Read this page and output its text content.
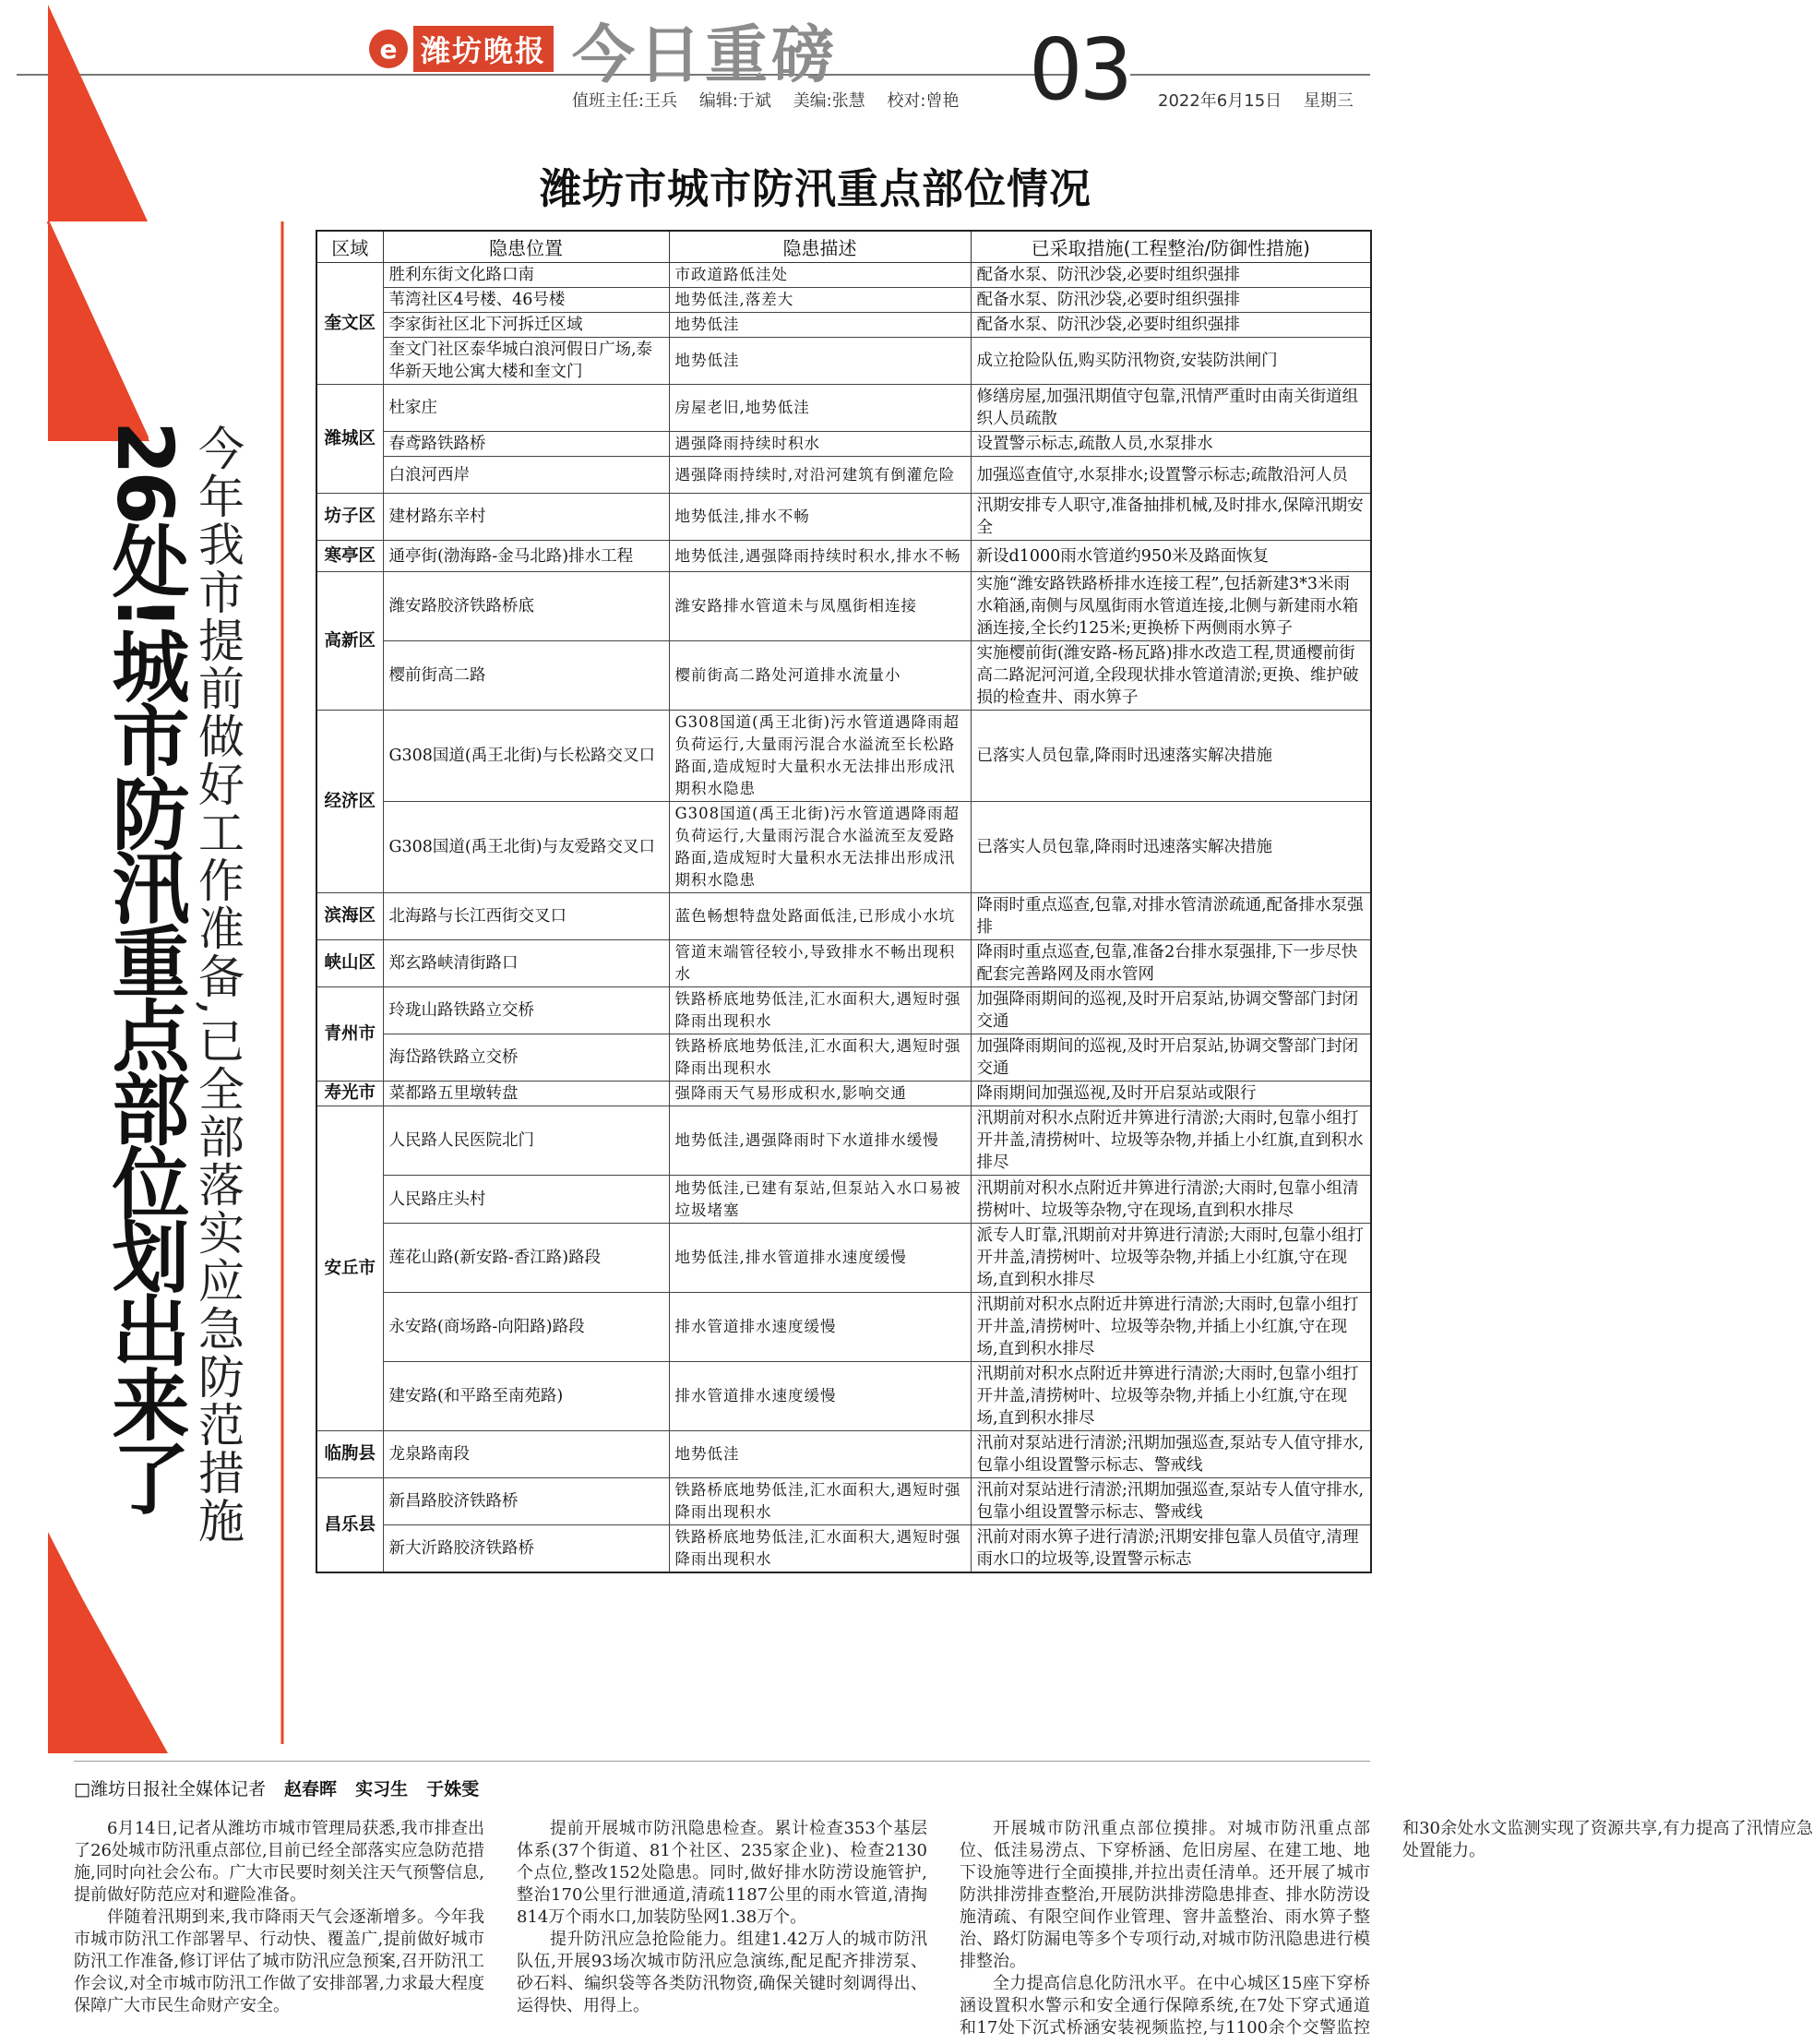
e 潍坊晚报 今日重磅 03
值班主任:王兵 编辑:于斌 美编:张慧 校对:曾艳	2022年6月15日 星期三
潍坊市城市防汛重点部位情况
26处!城市防汛重点部位划出来了 今年我市提前做好工作准备,已全部落实应急防范措施
区域	隐患位置	隐患描述	已采取措施(工程整治/防御性措施)
奎文区	胜利东街文化路口南	市政道路低洼处	配备水泵、防汛沙袋,必要时组织强排
	苇湾社区4号楼、46号楼	地势低洼,落差大	配备水泵、防汛沙袋,必要时组织强排
	李家街社区北下河拆迁区域	地势低洼	配备水泵、防汛沙袋,必要时组织强排
	奎文门社区泰华城白浪河假日广场,泰华新天地公寓大楼和奎文门	地势低洼	成立抢险队伍,购买防汛物资,安装防洪闸门
潍城区	杜家庄	房屋老旧,地势低洼	修缮房屋,加强汛期值守包靠,汛情严重时由南关街道组织人员疏散
	春鸢路铁路桥	遇强降雨持续时积水	设置警示标志,疏散人员,水泵排水
	白浪河西岸	遇强降雨持续时,对沿河建筑有倒灌危险	加强巡查值守,水泵排水;设置警示标志;疏散沿河人员
坊子区	建材路东辛村	地势低洼,排水不畅	汛期安排专人职守,准备抽排机械,及时排水,保障汛期安全
寒亭区	通亭街(渤海路-金马北路)排水工程	地势低洼,遇强降雨持续时积水,排水不畅	新设d1000雨水管道约950米及路面恢复
高新区	潍安路胶济铁路桥底	潍安路排水管道未与凤凰街相连接	实施“潍安路铁路桥排水连接工程”,包括新建3*3米雨水箱涵,南侧与凤凰街雨水管道连接,北侧与新建雨水箱涵连接,全长约125米;更换桥下两侧雨水箅子
	樱前街高二路	樱前街高二路处河道排水流量小	实施樱前街(潍安路-杨瓦路)排水改造工程,贯通樱前街高二路泥河河道,全段现状排水管道清淤;更换、维护破损的检查井、雨水箅子
经济区	G308国道(禹王北街)与长松路交叉口	G308国道(禹王北街)污水管道遇降雨超负荷运行,大量雨污混合水溢流至长松路路面,造成短时大量积水无法排出形成汛期积水隐患	已落实人员包靠,降雨时迅速落实解决措施
	G308国道(禹王北街)与友爱路交叉口	G308国道(禹王北街)污水管道遇降雨超负荷运行,大量雨污混合水溢流至友爱路路面,造成短时大量积水无法排出形成汛期积水隐患	已落实人员包靠,降雨时迅速落实解决措施
滨海区	北海路与长江西街交叉口	蓝色畅想特盘处路面低洼,已形成小水坑	降雨时重点巡查,包靠,对排水管清淤疏通,配备排水泵强排
峡山区	郑玄路峡清街路口	管道末端管径较小,导致排水不畅出现积水	降雨时重点巡查,包靠,准备2台排水泵强排,下一步尽快配套完善路网及雨水管网
青州市	玲珑山路铁路立交桥	铁路桥底地势低洼,汇水面积大,遇短时强降雨出现积水	加强降雨期间的巡视,及时开启泵站,协调交警部门封闭交通
	海岱路铁路立交桥	铁路桥底地势低洼,汇水面积大,遇短时强降雨出现积水	加强降雨期间的巡视,及时开启泵站,协调交警部门封闭交通
寿光市	菜都路五里墩转盘	强降雨天气易形成积水,影响交通	降雨期间加强巡视,及时开启泵站或限行
安丘市	人民路人民医院北门	地势低洼,遇强降雨时下水道排水缓慢	汛期前对积水点附近井箅进行清淤;大雨时,包靠小组打开井盖,清捞树叶、垃圾等杂物,并插上小红旗,直到积水排尽
	人民路庄头村	地势低洼,已建有泵站,但泵站入水口易被垃圾堵塞	汛期前对积水点附近井箅进行清淤;大雨时,包靠小组清捞树叶、垃圾等杂物,守在现场,直到积水排尽
	莲花山路(新安路-香江路)路段	地势低洼,排水管道排水速度缓慢	派专人盯靠,汛期前对井箅进行清淤;大雨时,包靠小组打开井盖,清捞树叶、垃圾等杂物,并插上小红旗,守在现场,直到积水排尽
	永安路(商场路-向阳路)路段	排水管道排水速度缓慢	汛期前对积水点附近井箅进行清淤;大雨时,包靠小组打开井盖,清捞树叶、垃圾等杂物,并插上小红旗,守在现场,直到积水排尽
	建安路(和平路至南苑路)	排水管道排水速度缓慢	汛期前对积水点附近井箅进行清淤;大雨时,包靠小组打开井盖,清捞树叶、垃圾等杂物,并插上小红旗,守在现场,直到积水排尽
临朐县	龙泉路南段	地势低洼	汛前对泵站进行清淤;汛期加强巡查,泵站专人值守排水,包靠小组设置警示标志、警戒线
昌乐县	新昌路胶济铁路桥	铁路桥底地势低洼,汇水面积大,遇短时强降雨出现积水	汛前对泵站进行清淤;汛期加强巡查,泵站专人值守排水,包靠小组设置警示标志、警戒线
	新大沂路胶济铁路桥	铁路桥底地势低洼,汇水面积大,遇短时强降雨出现积水	汛前对雨水箅子进行清淤;汛期安排包靠人员值守,清理雨水口的垃圾等,设置警示标志
□潍坊日报社全媒体记者 赵春晖 实习生 于姝雯

6月14日,记者从潍坊市城市管理局获悉,我市排查出了26处城市防汛重点部位,目前已经全部落实应急防范措施,同时向社会公布。广大市民要时刻关注天气预警信息,提前做好防范应对和避险准备。

伴随着汛期到来,我市降雨天气会逐渐增多。今年我市城市防汛工作部署早、行动快、覆盖广,提前做好城市防汛工作准备,修订评估了城市防汛应急预案,召开防汛工作会议,对全市城市防汛工作做了安排部署,力求最大程度保障广大市民生命财产安全。

提前开展城市防汛隐患检查。累计检查353个基层体系(37个街道、81个社区、235家企业)、检查2130个点位,整改152处隐患。同时,做好排水防涝设施管护,整治170公里行泄通道,清疏1187公里的雨水管道,清掏814万个雨水口,加装防坠网1.38万个。

提升防汛应急抢险能力。组建1.42万人的城市防汛队伍,开展93场次城市防汛应急演练,配足配齐排涝泵、砂石料、编织袋等各类防汛物资,确保关键时刻调得出、运得快、用得上。

开展城市防汛重点部位摸排。对城市防汛重点部位、低洼易涝点、下穿桥涵、危旧房屋、在建工地、地下设施等进行全面摸排,并拉出责任清单。还开展了城市防洪排涝排查整治,开展防洪排涝隐患排查、排水防涝设施清疏、有限空间作业管理、窨井盖整治、雨水箅子整治、路灯防漏电等多个专项行动,对城市防汛隐患进行模排整治。

全力提高信息化防汛水平。在中心城区15座下穿桥涵设置积水警示和安全通行保障系统,在7处下穿式通道和17处下沉式桥涵安装视频监控,与1100余个交警监控和30余处水文监测实现了资源共享,有力提高了汛情应急处置能力。
